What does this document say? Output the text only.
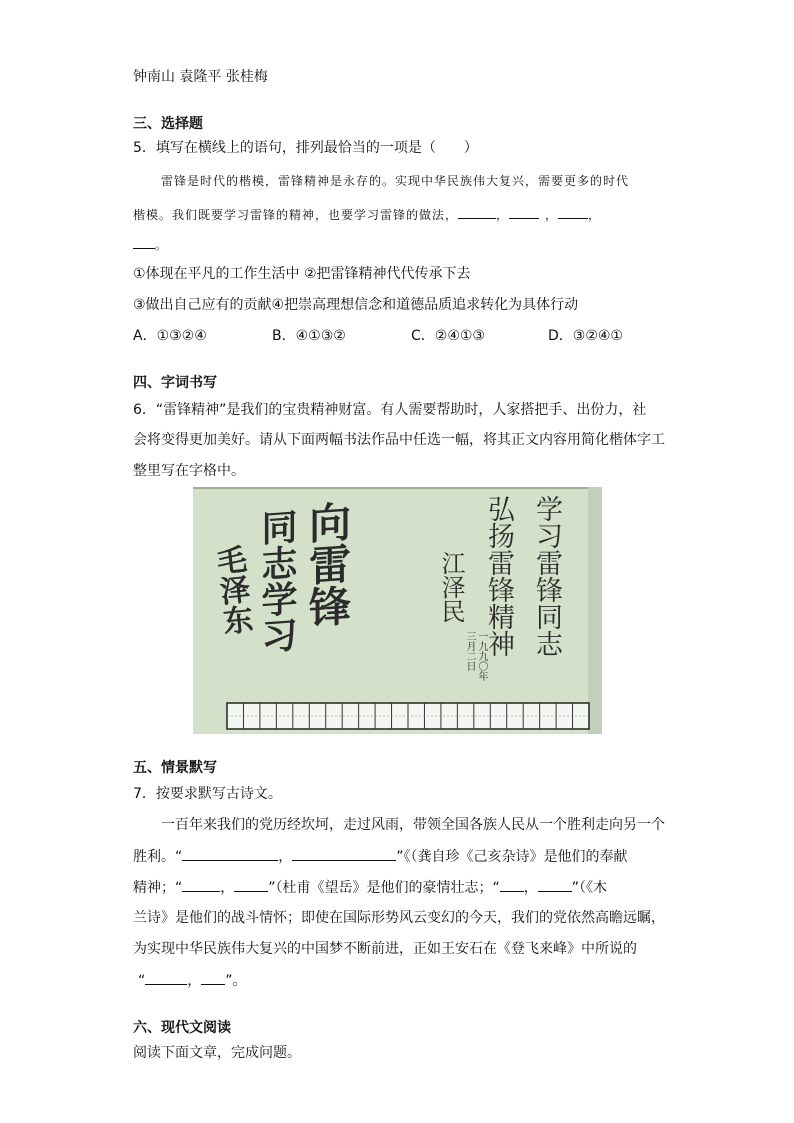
钟南山 袁隆平 张桂梅
三、选择题
5．填写在横线上的语句，排列最恰当的一项是（　　）
雷锋是时代的楷模，雷锋精神是永存的。实现中华民族伟大复兴，需要更多的时代
楷模。我们既要学习雷锋的精神，也要学习雷锋的做法，	，	，	，
。
①体现在平凡的工作生活中 ②把雷锋精神代代传承下去
③做出自己应有的贡献④把崇高理想信念和道德品质追求转化为具体行动
A．①③②④	B．④①③②	C．②④①③	D．③②④①
四、字词书写
6．“雷锋精神”是我们的宝贵精神财富。有人需要帮助时，人家搭把手、出份力，社
会将变得更加美好。请从下面两幅书法作品中任选一幅，将其正文内容用简化楷体字工
整里写在字格中。
向雷锋
同志学习
毛泽东	学习雷锋同志
弘扬雷锋精神
江泽民
一九九〇年三月二日
五、情景默写
7．按要求默写古诗文。
一百年来我们的党历经坎坷，走过风雨，带领全国各族人民从一个胜利走向另一个
胜利。“	，	”《（龚自珍《己亥杂诗》是他们的奉献
精神；“	， ”（杜甫《望岳》是他们的豪情壮志；“ ， ”（《木
兰诗》是他们的战斗情怀；即使在国际形势风云变幻的今天，我们的党依然高瞻远瞩，
为实现中华民族伟大复兴的中国梦不断前进，正如王安石在《登飞来峰》中所说的
“	， ”。
六、现代文阅读
阅读下面文章，完成问题。
